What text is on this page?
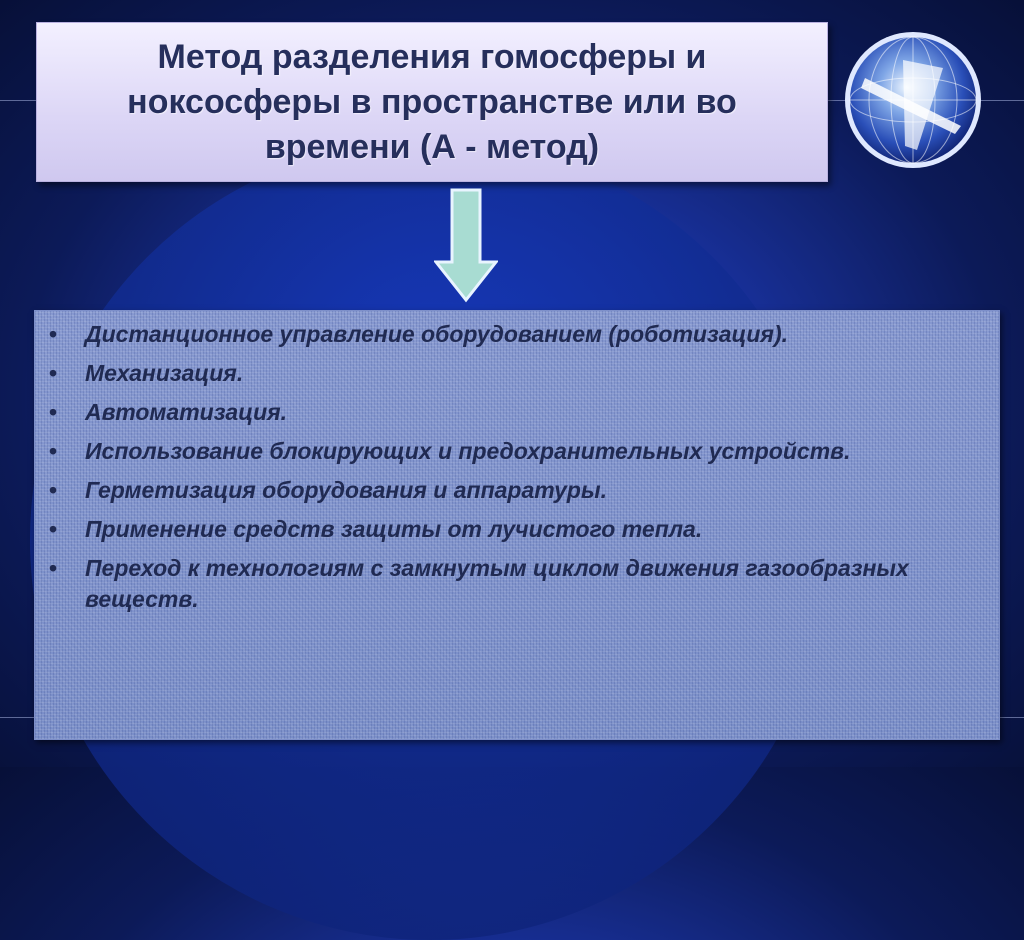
Метод разделения гомосферы и ноксосферы в пространстве или во времени (А - метод)

• Дистанционное управление оборудованием (роботизация).
• Механизация.
• Автоматизация.
• Использование блокирующих и предохранительных устройств.
• Герметизация оборудования и аппаратуры.
• Применение средств защиты от лучистого тепла.
• Переход к технологиям с замкнутым циклом движения газообразных веществ.
